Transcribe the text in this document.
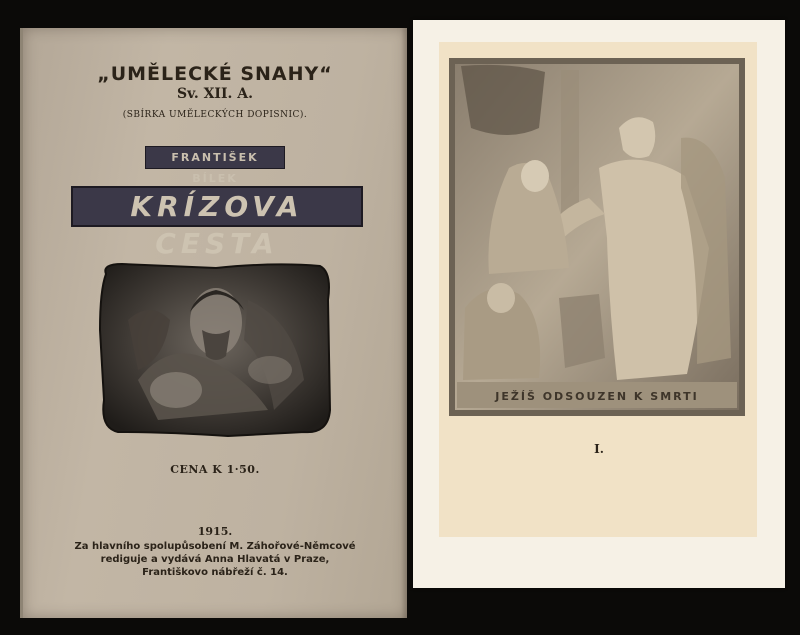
„UMĚLECKÉ SNAHY“
Sv. XII. A.
(SBÍRKA UMĚLECKÝCH DOPISNIC).
FRANTIŠEK BÍLEK
KRÍZOVA CESTA
CENA K 1·50.
1915.
Za hlavního spolupůsobení M. Záhořové-Němcové
rediguje a vydává Anna Hlavatá v Praze,
Františkovo nábřeží č. 14.
JEŽÍŠ ODSOUZEN K SMRTI
I.
